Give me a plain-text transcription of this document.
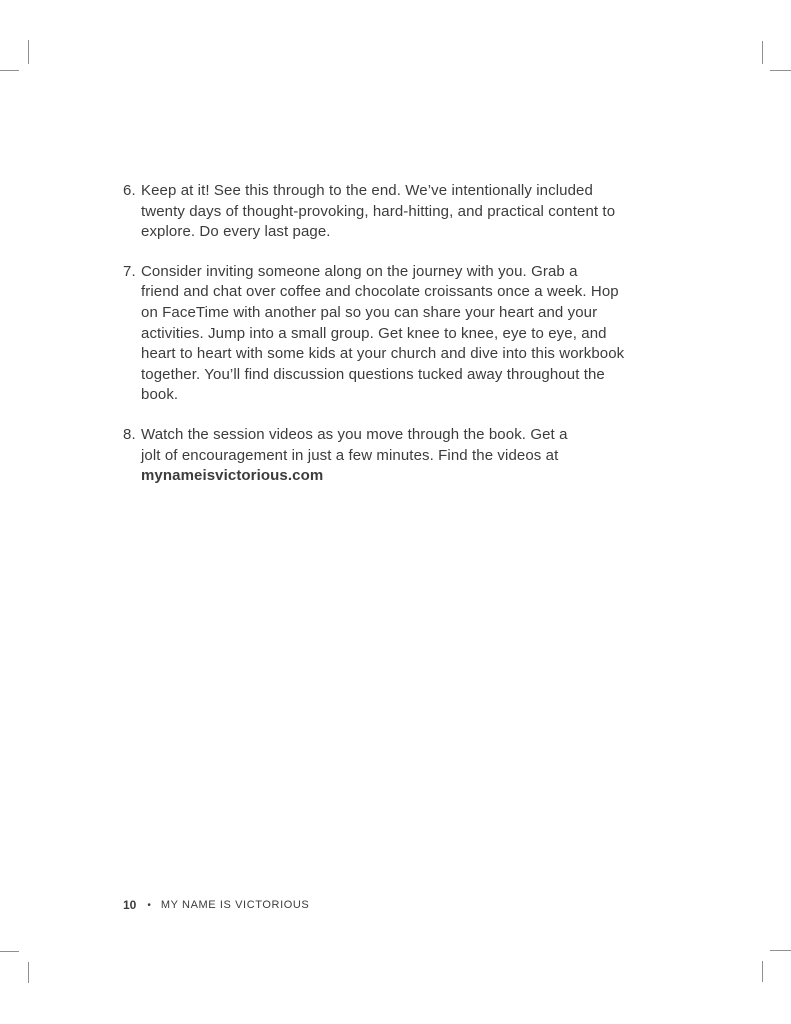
6. Keep at it! See this through to the end. We’ve intentionally included
twenty days of thought-provoking, hard-hitting, and practical content to
explore. Do every last page.
7. Consider inviting someone along on the journey with you. Grab a
friend and chat over coffee and chocolate croissants once a week. Hop
on FaceTime with another pal so you can share your heart and your
activities. Jump into a small group. Get knee to knee, eye to eye, and
heart to heart with some kids at your church and dive into this workbook
together. You’ll find discussion questions tucked away throughout the
book.
8. Watch the session videos as you move through the book. Get a
jolt of encouragement in just a few minutes. Find the videos at
mynameisvictorious.com
10 • MY NAME IS VICTORIOUS
